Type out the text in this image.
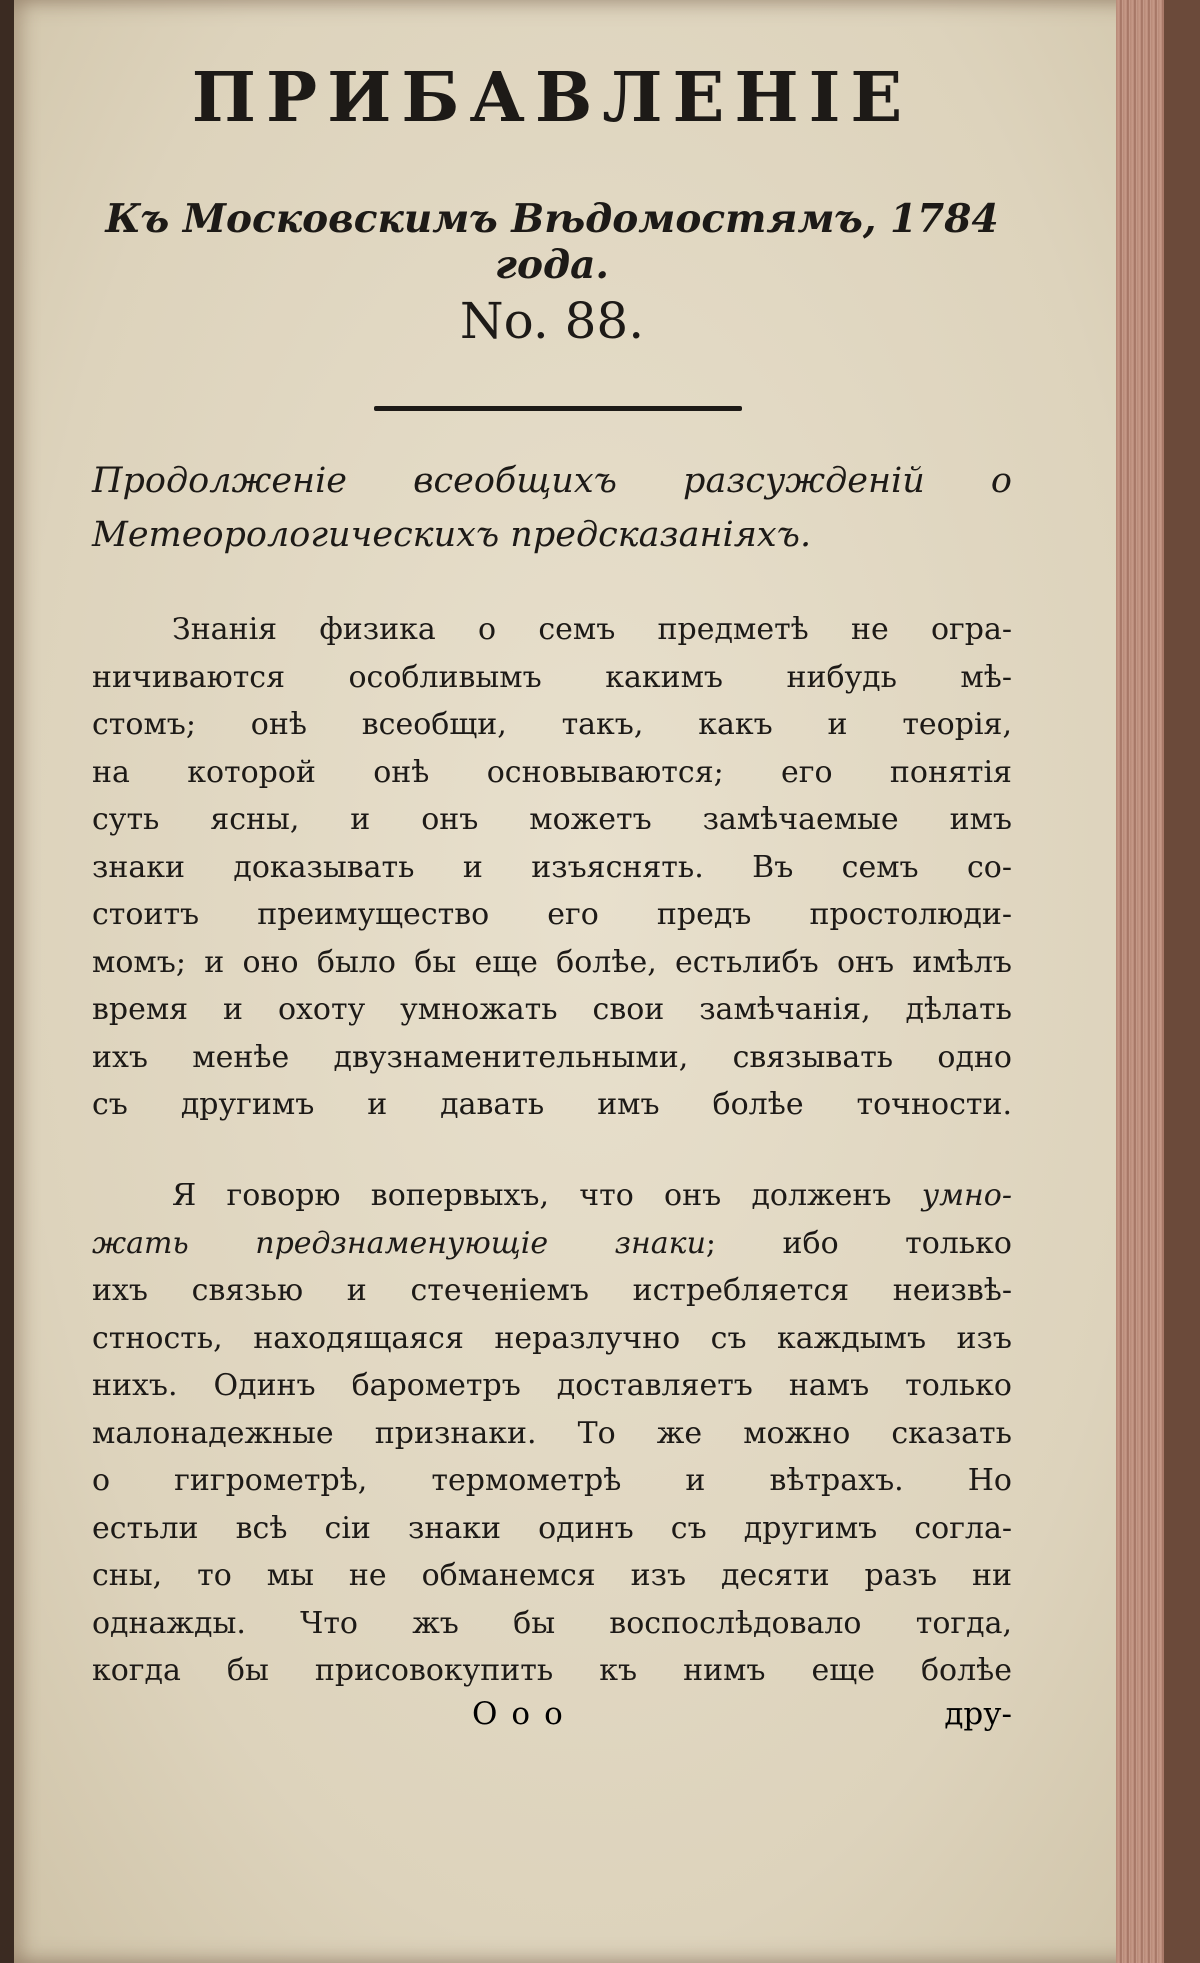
ПРИБАВЛЕНIЕ
Къ Московскимъ Вѣдомостямъ, 1784 года.
No. 88.
Продолженiе всеобщихъ разсужденiй о Метеорологическихъ предсказанiяхъ.
Знанiя физика о семъ предметѣ не огра-
ничиваются особливымъ какимъ нибудь мѣ-
стомъ; онѣ всеобщи, такъ, какъ и теорiя,
на которой онѣ основываются; его понятiя
суть ясны, и онъ можетъ замѣчаемые имъ
знаки доказывать и изъяснять. Въ семъ со-
стоитъ преимущество его предъ простолюди-
момъ; и оно было бы еще болѣе, естьлибъ онъ имѣлъ
время и охоту умножать свои замѣчанiя, дѣлать
ихъ менѣе двузнаменительными, связывать одно
съ другимъ и давать имъ болѣе точности.
Я говорю вопервыхъ, что онъ долженъ умно-
жать предзнаменующiе знаки; ибо только
ихъ связью и стеченiемъ истребляется неизвѣ-
стность, находящаяся неразлучно съ каждымъ изъ
нихъ. Одинъ барометръ доставляетъ намъ только
малонадежные признаки. То же можно сказать
о гигрометрѣ, термометрѣ и вѣтрахъ. Но
естьли всѣ сiи знаки одинъ съ другимъ согла-
сны, то мы не обманемся изъ десяти разъ ни
однажды. Что жъ бы воспослѣдовало тогда,
когда бы присовокупить къ нимъ еще болѣе
Ооо	дру-
